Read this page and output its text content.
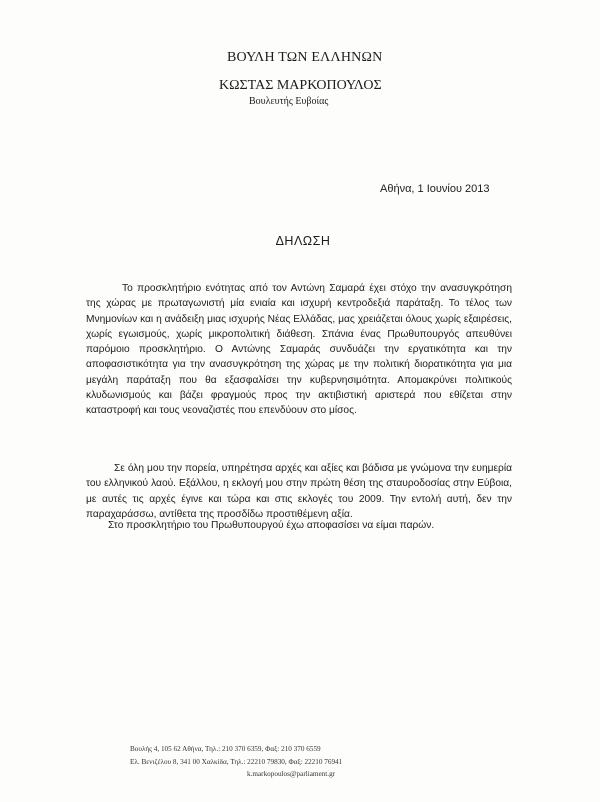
ΒΟΥΛΗ ΤΩΝ ΕΛΛΗΝΩΝ
ΚΩΣΤΑΣ ΜΑΡΚΟΠΟΥΛΟΣ
Βουλευτής Ευβοίας
Αθήνα, 1 Ιουνίου 2013
ΔΗΛΩΣΗ

Το προσκλητήριο ενότητας από τον Αντώνη Σαμαρά έχει στόχο την ανασυγκρότηση της χώρας με πρωταγωνιστή μία ενιαία και ισχυρή κεντροδεξιά παράταξη. Το τέλος των Μνημονίων και η ανάδειξη μιας ισχυρής Νέας Ελλάδας, μας χρειάζεται όλους χωρίς εξαιρέσεις, χωρίς εγωισμούς, χωρίς μικροπολιτική διάθεση. Σπάνια ένας Πρωθυπουργός απευθύνει παρόμοιο προσκλητήριο. Ο Αντώνης Σαμαράς συνδυάζει την εργατικότητα και την αποφασιστικότητα για την ανασυγκρότηση της χώρας με την πολιτική διορατικότητα για μια μεγάλη παράταξη που θα εξασφαλίσει την κυβερνησιμότητα. Απομακρύνει πολιτικούς κλυδωνισμούς και βάζει φραγμούς προς την ακτιβιστική αριστερά που εθίζεται στην καταστροφή και τους νεοναζιστές που επενδύουν στο μίσος.

Σε όλη μου την πορεία, υπηρέτησα αρχές και αξίες και βάδισα με γνώμονα την ευημερία του ελληνικού λαού. Εξάλλου, η εκλογή μου στην πρώτη θέση της σταυροδοσίας στην Εύβοια, με αυτές τις αρχές έγινε και τώρα και στις εκλογές του 2009. Την εντολή αυτή, δεν την παραχαράσσω, αντίθετα της προσδίδω προστιθέμενη αξία.

Στο προσκλητήριο του Πρωθυπουργού έχω αποφασίσει να είμαι παρών.

Βουλής 4, 105 62 Αθήνα, Τηλ.: 210 370 6359, Φαξ: 210 370 6559
Ελ. Βενιζέλου 8, 341 00 Χαλκίδα, Τηλ.: 22210 79830, Φαξ: 22210 76941
k.markopoulos@parliament.gr
